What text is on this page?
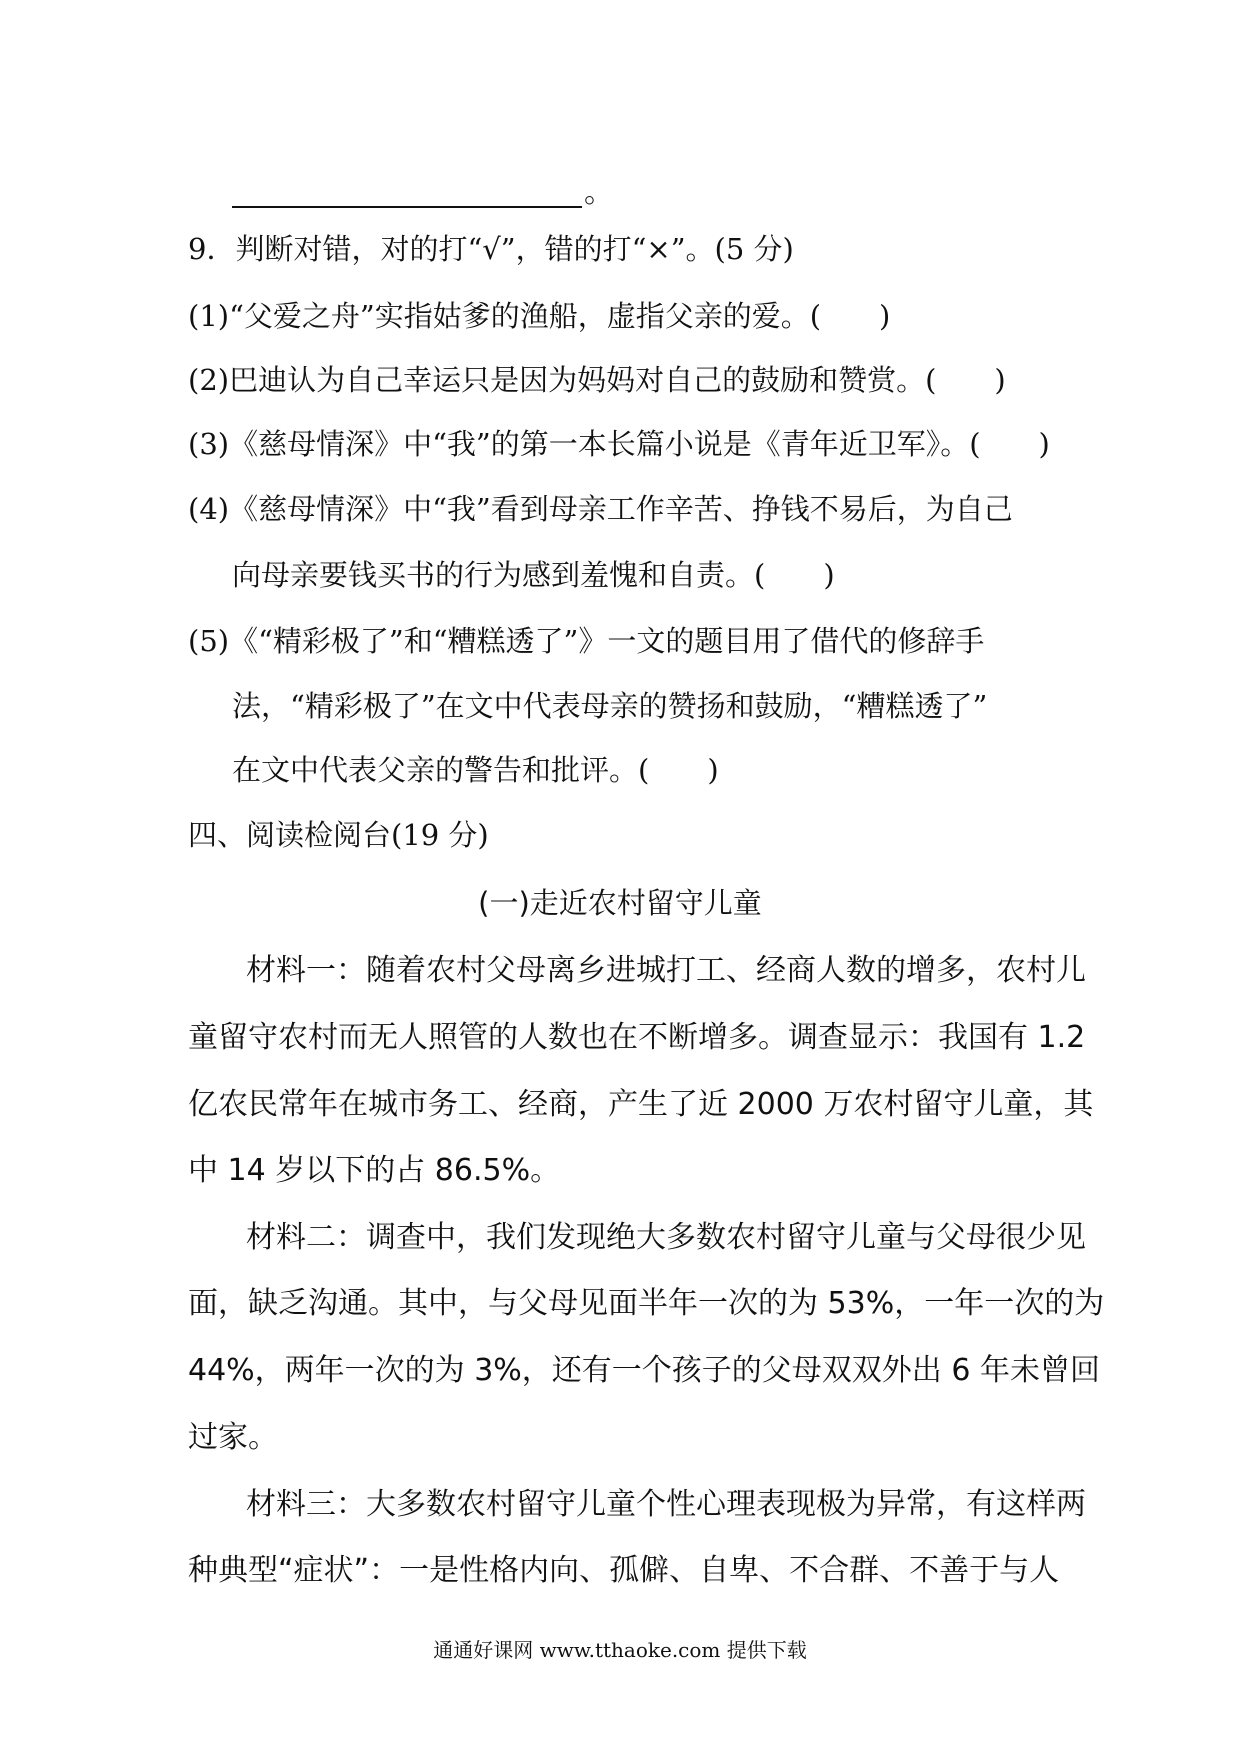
。
9．判断对错，对的打“√”，错的打“×”。(5 分)
(1)“父爱之舟”实指姑爹的渔船，虚指父亲的爱。(　　)
(2)巴迪认为自己幸运只是因为妈妈对自己的鼓励和赞赏。(　　)
(3)《慈母情深》中“我”的第一本长篇小说是《青年近卫军》。(　　)
(4)《慈母情深》中“我”看到母亲工作辛苦、挣钱不易后，为自己
向母亲要钱买书的行为感到羞愧和自责。(　　)
(5)《“精彩极了”和“糟糕透了”》一文的题目用了借代的修辞手
法，“精彩极了”在文中代表母亲的赞扬和鼓励，“糟糕透了”
在文中代表父亲的警告和批评。(　　)
四、阅读检阅台(19 分)
(一)走近农村留守儿童
材料一：随着农村父母离乡进城打工、经商人数的增多，农村儿
童留守农村而无人照管的人数也在不断增多。调查显示：我国有 1.2
亿农民常年在城市务工、经商，产生了近 2000 万农村留守儿童，其
中 14 岁以下的占 86.5%。
材料二：调查中，我们发现绝大多数农村留守儿童与父母很少见
面，缺乏沟通。其中，与父母见面半年一次的为 53%，一年一次的为
44%，两年一次的为 3%，还有一个孩子的父母双双外出 6 年未曾回
过家。
材料三：大多数农村留守儿童个性心理表现极为异常，有这样两
种典型“症状”：一是性格内向、孤僻、自卑、不合群、不善于与人
通通好课网 www.tthaoke.com 提供下载
